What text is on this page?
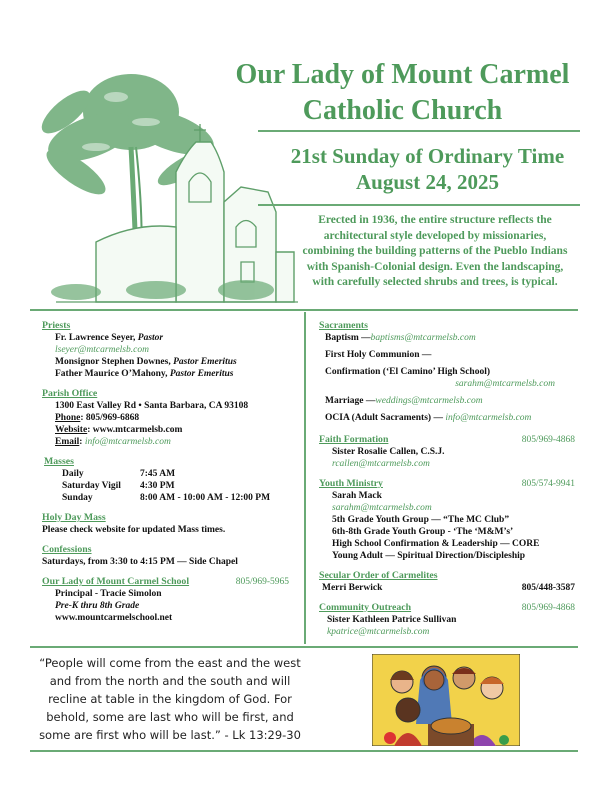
Our Lady of Mount Carmel
Catholic Church
21st Sunday of Ordinary Time
August 24, 2025
Erected in 1936, the entire structure reflects the architectural style developed by missionaries, combining the building patterns of the Pueblo Indians with Spanish-Colonial design. Even the landscaping, with carefully selected shrubs and trees, is typical.
Priests
Fr. Lawrence Seyer, Pastor
lseyer@mtcarmelsb.com
Monsignor Stephen Downes, Pastor Emeritus
Father Maurice O’Mahony, Pastor Emeritus
Parish Office
1300 East Valley Rd • Santa Barbara, CA 93108
Phone: 805/969-6868
Website: www.mtcarmelsb.com
Email: info@mtcarmelsb.com
Masses
Daily	7:45 AM
Saturday Vigil	4:30 PM
Sunday	8:00 AM - 10:00 AM - 12:00 PM
Holy Day Mass
Please check website for updated Mass times.
Confessions
Saturdays, from 3:30 to 4:15 PM — Side Chapel
Our Lady of Mount Carmel School	805/969-5965
Principal - Tracie Simolon
Pre-K thru 8th Grade
www.mountcarmelschool.net
Sacraments
Baptism —baptisms@mtcarmelsb.com
First Holy Communion —
Confirmation (‘El Camino’ High School)
sarahm@mtcarmelsb.com
Marriage —weddings@mtcarmelsb.com
OCIA (Adult Sacraments) — info@mtcarmelsb.com
Faith Formation	805/969-4868
Sister Rosalie Callen, C.S.J.
rcallen@mtcarmelsb.com
Youth Ministry	805/574-9941
Sarah Mack
sarahm@mtcarmelsb.com
5th Grade Youth Group — “The MC Club”
6th-8th Grade Youth Group - ‘The ‘M&M’s’
High School Confirmation & Leadership — CORE
Young Adult — Spiritual Direction/Discipleship
Secular Order of Carmelites
Merri Berwick	805/448-3587
Community Outreach	805/969-4868
Sister Kathleen Patrice Sullivan
kpatrice@mtcarmelsb.com
“People will come from the east and the west and from the north and the south and will recline at table in the kingdom of God. For behold, some are last who will be first, and some are first who will be last.” - Lk 13:29-30
